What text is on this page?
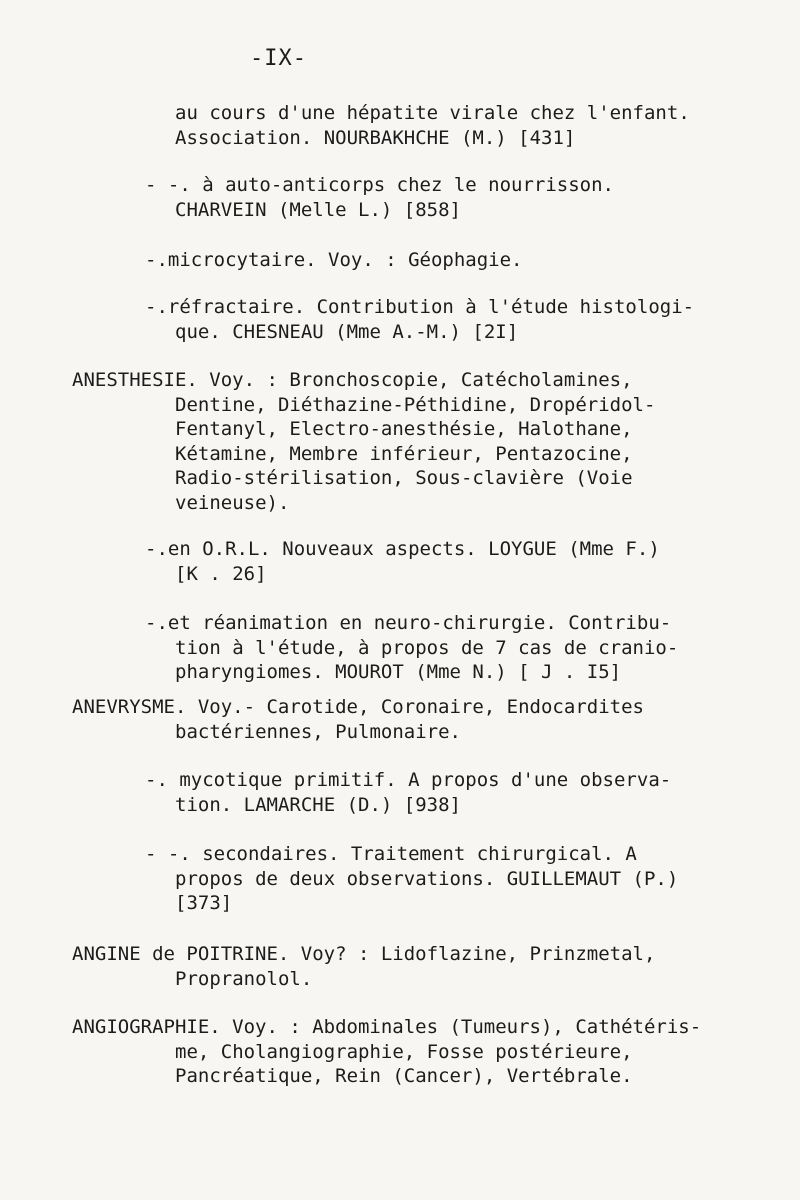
-IX-
au cours d'une hépatite virale chez l'enfant.
Association. NOURBAKHCHE (M.) [431]
- -. à auto-anticorps chez le nourrisson.
CHARVEIN (Melle L.) [858]
-.microcytaire. Voy. : Géophagie.
-.réfractaire. Contribution à l'étude histologi-
que. CHESNEAU (Mme A.-M.) [2I]
ANESTHESIE. Voy. : Bronchoscopie, Catécholamines,
Dentine, Diéthazine-Péthidine, Dropéridol-
Fentanyl, Electro-anesthésie, Halothane,
Kétamine, Membre inférieur, Pentazocine,
Radio-stérilisation, Sous-clavière (Voie
veineuse).
-.en O.R.L. Nouveaux aspects. LOYGUE (Mme F.)
[K . 26]
-.et réanimation en neuro-chirurgie. Contribu-
tion à l'étude, à propos de 7 cas de cranio-
pharyngiomes. MOUROT (Mme N.) [ J . I5]
ANEVRYSME. Voy.- Carotide, Coronaire, Endocardites
bactériennes, Pulmonaire.
-. mycotique primitif. A propos d'une observa-
tion. LAMARCHE (D.) [938]
- -. secondaires. Traitement chirurgical. A
propos de deux observations. GUILLEMAUT (P.)
[373]
ANGINE de POITRINE. Voy? : Lidoflazine, Prinzmetal,
Propranolol.
ANGIOGRAPHIE. Voy. : Abdominales (Tumeurs), Cathétéris-
me, Cholangiographie, Fosse postérieure,
Pancréatique, Rein (Cancer), Vertébrale.
